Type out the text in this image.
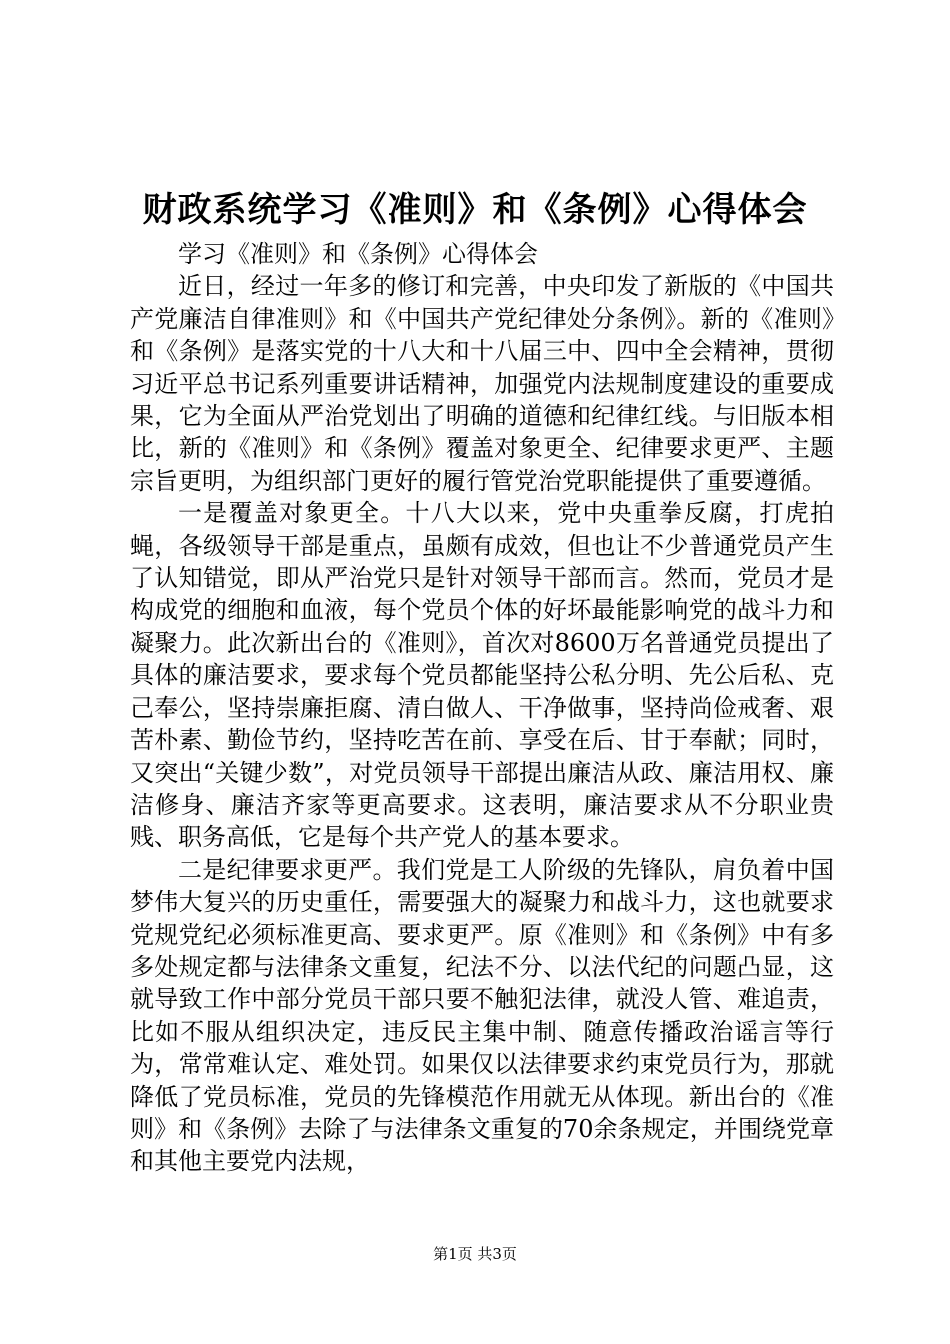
财政系统学习《准则》和《条例》心得体会

学习《准则》和《条例》心得体会

近日，经过一年多的修订和完善，中央印发了新版的《中国共产党廉洁自律准则》和《中国共产党纪律处分条例》。新的《准则》和《条例》是落实党的十八大和十八届三中、四中全会精神，贯彻习近平总书记系列重要讲话精神，加强党内法规制度建设的重要成果，它为全面从严治党划出了明确的道德和纪律红线。与旧版本相比，新的《准则》和《条例》覆盖对象更全、纪律要求更严、主题宗旨更明，为组织部门更好的履行管党治党职能提供了重要遵循。

一是覆盖对象更全。十八大以来，党中央重拳反腐，打虎拍蝇，各级领导干部是重点，虽颇有成效，但也让不少普通党员产生了认知错觉，即从严治党只是针对领导干部而言。然而，党员才是构成党的细胞和血液，每个党员个体的好坏最能影响党的战斗力和凝聚力。此次新出台的《准则》，首次对8600万名普通党员提出了具体的廉洁要求，要求每个党员都能坚持公私分明、先公后私、克己奉公，坚持崇廉拒腐、清白做人、干净做事，坚持尚俭戒奢、艰苦朴素、勤俭节约，坚持吃苦在前、享受在后、甘于奉献；同时，又突出“关键少数”，对党员领导干部提出廉洁从政、廉洁用权、廉洁修身、廉洁齐家等更高要求。这表明，廉洁要求从不分职业贵贱、职务高低，它是每个共产党人的基本要求。

二是纪律要求更严。我们党是工人阶级的先锋队，肩负着中国梦伟大复兴的历史重任，需要强大的凝聚力和战斗力，这也就要求党规党纪必须标准更高、要求更严。原《准则》和《条例》中有多多处规定都与法律条文重复，纪法不分、以法代纪的问题凸显，这就导致工作中部分党员干部只要不触犯法律，就没人管、难追责，比如不服从组织决定，违反民主集中制、随意传播政治谣言等行为，常常难认定、难处罚。如果仅以法律要求约束党员行为，那就降低了党员标准，党员的先锋模范作用就无从体现。新出台的《准则》和《条例》去除了与法律条文重复的70余条规定，并围绕党章和其他主要党内法规，

第1页 共3页
